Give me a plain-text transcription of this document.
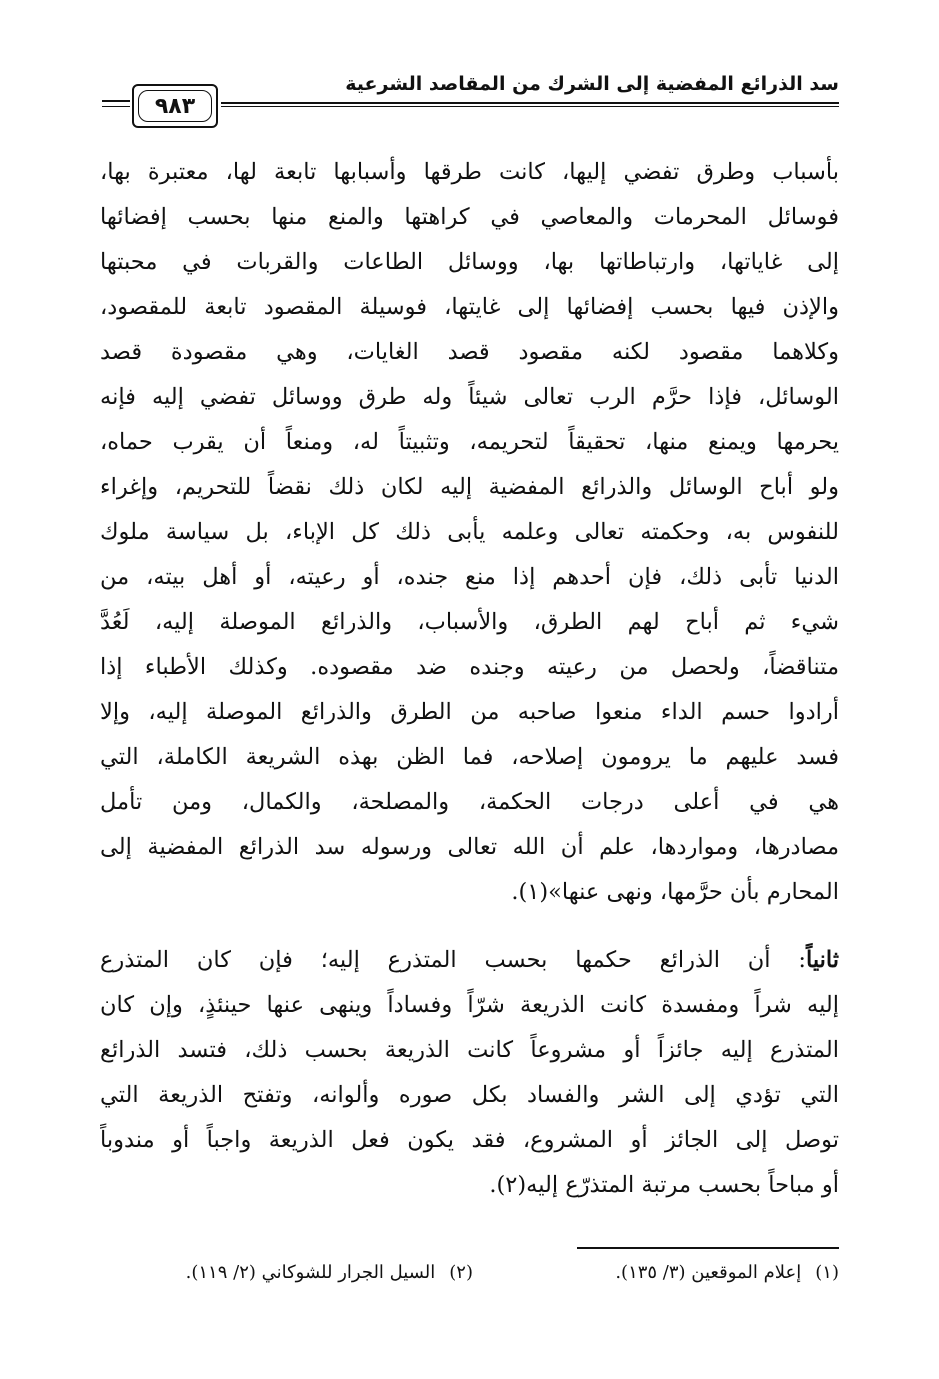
سد الذرائع المفضية إلى الشرك من المقاصد الشرعية
٩٨٣
بأسباب وطرق تفضي إليها، كانت طرقها وأسبابها تابعة لها، معتبرة بها،
فوسائل المحرمات والمعاصي في كراهتها والمنع منها بحسب إفضائها
إلى غاياتها، وارتباطاتها بها، ووسائل الطاعات والقربات في محبتها
والإذن فيها بحسب إفضائها إلى غايتها، فوسيلة المقصود تابعة للمقصود،
وكلاهما مقصود لكنه مقصود قصد الغايات، وهي مقصودة قصد
الوسائل، فإذا حرَّم الرب تعالى شيئاً وله طرق ووسائل تفضي إليه فإنه
يحرمها ويمنع منها، تحقيقاً لتحريمه، وتثبيتاً له، ومنعاً أن يقرب حماه،
ولو أباح الوسائل والذرائع المفضية إليه لكان ذلك نقضاً للتحريم، وإغراء
للنفوس به، وحكمته تعالى وعلمه يأبى ذلك كل الإباء، بل سياسة ملوك
الدنيا تأبى ذلك، فإن أحدهم إذا منع جنده، أو رعيته، أو أهل بيته، من
شيء ثم أباح لهم الطرق، والأسباب، والذرائع الموصلة إليه، لَعُدَّ
متناقضاً، ولحصل من رعيته وجنده ضد مقصوده. وكذلك الأطباء إذا
أرادوا حسم الداء منعوا صاحبه من الطرق والذرائع الموصلة إليه، وإلا
فسد عليهم ما يرومون إصلاحه، فما الظن بهذه الشريعة الكاملة، التي
هي في أعلى درجات الحكمة، والمصلحة، والكمال، ومن تأمل
مصادرها، ومواردها، علم أن الله تعالى ورسوله سد الذرائع المفضية إلى
المحارم بأن حرَّمها، ونهى عنها»(١).
ثانياً: أن الذرائع حكمها بحسب المتذرع إليه؛ فإن كان المتذرع
إليه شراً ومفسدة كانت الذريعة شرّاً وفساداً وينهى عنها حينئذٍ، وإن كان
المتذرع إليه جائزاً أو مشروعاً كانت الذريعة بحسب ذلك، فتسد الذرائع
التي تؤدي إلى الشر والفساد بكل صوره وألوانه، وتفتح الذريعة التي
توصل إلى الجائز أو المشروع، فقد يكون فعل الذريعة واجباً أو مندوباً
أو مباحاً بحسب مرتبة المتذرّع إليه(٢).
(١)إعلام الموقعين (٣/ ١٣٥).
(٢)السيل الجرار للشوكاني (٢/ ١١٩).
